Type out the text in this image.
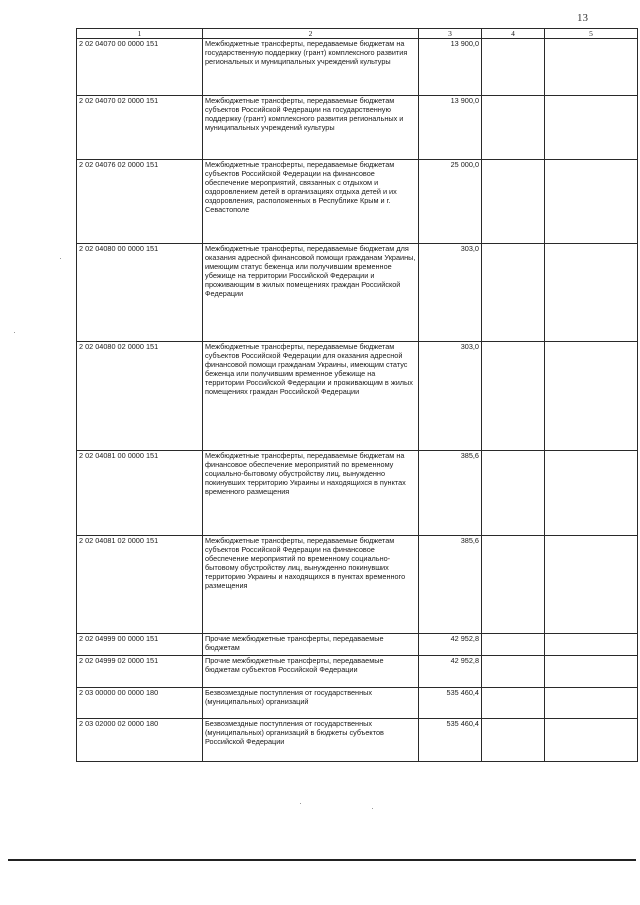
13
1	2	3	4	5
2 02 04070 00 0000 151	Межбюджетные трансферты, передаваемые бюджетам на государственную поддержку (грант) комплексного развития региональных и муниципальных учреждений культуры	13 900,0		
2 02 04070 02 0000 151	Межбюджетные трансферты, передаваемые бюджетам субъектов Российской Федерации на государственную поддержку (грант) комплексного развития региональных и муниципальных учреждений культуры	13 900,0		
2 02 04076 02 0000 151	Межбюджетные трансферты, передаваемые бюджетам субъектов Российской Федерации на финансовое обеспечение мероприятий, связанных с отдыхом и оздоровлением детей в организациях отдыха детей и их оздоровления, расположенных в Республике Крым и г. Севастополе	25 000,0		
2 02 04080 00 0000 151	Межбюджетные трансферты, передаваемые бюджетам для оказания адресной финансовой помощи гражданам Украины, имеющим статус беженца или получившим временное убежище на территории Российской Федерации и проживающим в жилых помещениях граждан Российской Федерации	303,0		
2 02 04080 02 0000 151	Межбюджетные трансферты, передаваемые бюджетам субъектов Российской Федерации для оказания адресной финансовой помощи гражданам Украины, имеющим статус беженца или получившим временное убежище на территории Российской Федерации и проживающим в жилых помещениях граждан Российской Федерации	303,0		
2 02 04081 00 0000 151	Межбюджетные трансферты, передаваемые бюджетам на финансовое обеспечение мероприятий по временному социально-бытовому обустройству лиц, вынужденно покинувших территорию Украины и находящихся в пунктах временного размещения	385,6		
2 02 04081 02 0000 151	Межбюджетные трансферты, передаваемые бюджетам субъектов Российской Федерации на финансовое обеспечение мероприятий по временному социально-бытовому обустройству лиц, вынужденно покинувших территорию Украины и находящихся в пунктах временного размещения	385,6		
2 02 04999 00 0000 151	Прочие межбюджетные трансферты, передаваемые бюджетам	42 952,8		
2 02 04999 02 0000 151	Прочие межбюджетные трансферты, передаваемые бюджетам субъектов Российской Федерации	42 952,8		
2 03 00000 00 0000 180	Безвозмездные поступления от государственных (муниципальных) организаций	535 460,4		
2 03 02000 02 0000 180	Безвозмездные поступления от государственных (муниципальных) организаций в бюджеты субъектов Российской Федерации	535 460,4		
